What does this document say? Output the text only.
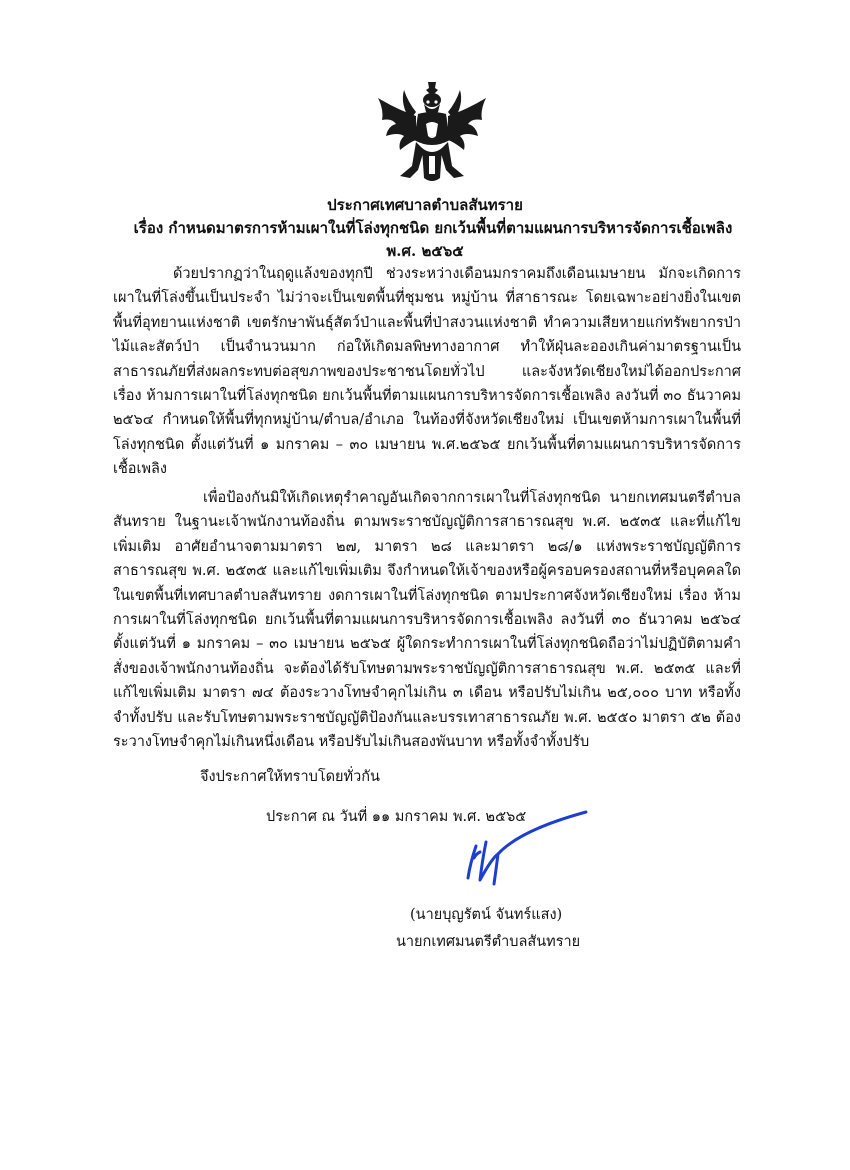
ประกาศเทศบาลตำบลสันทราย
เรื่อง กำหนดมาตรการห้ามเผาในที่โล่งทุกชนิด ยกเว้นพื้นที่ตามแผนการบริหารจัดการเชื้อเพลิง
พ.ศ. ๒๕๖๕

ด้วยปรากฏว่าในฤดูแล้งของทุกปี ช่วงระหว่างเดือนมกราคมถึงเดือนเมษายน มักจะเกิดการเผาในที่โล่งขึ้นเป็นประจำ ไม่ว่าจะเป็นเขตพื้นที่ชุมชน หมู่บ้าน ที่สาธารณะ โดยเฉพาะอย่างยิ่งในเขตพื้นที่อุทยานแห่งชาติ เขตรักษาพันธุ์สัตว์ป่าและพื้นที่ป่าสงวนแห่งชาติ ทำความเสียหายแก่ทรัพยากรป่าไม้และสัตว์ป่า เป็นจำนวนมาก ก่อให้เกิดมลพิษทางอากาศ ทำให้ฝุ่นละอองเกินค่ามาตรฐานเป็นสาธารณภัยที่ส่งผลกระทบต่อสุขภาพของประชาชนโดยทั่วไป และจังหวัดเชียงใหม่ได้ออกประกาศ เรื่อง ห้ามการเผาในที่โล่งทุกชนิด ยกเว้นพื้นที่ตามแผนการบริหารจัดการเชื้อเพลิง ลงวันที่ ๓๐ ธันวาคม ๒๕๖๔ กำหนดให้พื้นที่ทุกหมู่บ้าน/ตำบล/อำเภอ ในท้องที่จังหวัดเชียงใหม่ เป็นเขตห้ามการเผาในพื้นที่โล่งทุกชนิด ตั้งแต่วันที่ ๑ มกราคม – ๓๐ เมษายน พ.ศ.๒๕๖๕ ยกเว้นพื้นที่ตามแผนการบริหารจัดการเชื้อเพลิง

เพื่อป้องกันมิให้เกิดเหตุรำคาญอันเกิดจากการเผาในที่โล่งทุกชนิด นายกเทศมนตรีตำบลสันทราย ในฐานะเจ้าพนักงานท้องถิ่น ตามพระราชบัญญัติการสาธารณสุข พ.ศ. ๒๕๓๕ และที่แก้ไขเพิ่มเติม อาศัยอำนาจตามมาตรา ๒๗, มาตรา ๒๘ และมาตรา ๒๘/๑ แห่งพระราชบัญญัติการสาธารณสุข พ.ศ. ๒๕๓๕ และแก้ไขเพิ่มเติม จึงกำหนดให้เจ้าของหรือผู้ครอบครองสถานที่หรือบุคคลใดในเขตพื้นที่เทศบาลตำบลสันทราย งดการเผาในที่โล่งทุกชนิด ตามประกาศจังหวัดเชียงใหม่ เรื่อง ห้ามการเผาในที่โล่งทุกชนิด ยกเว้นพื้นที่ตามแผนการบริหารจัดการเชื้อเพลิง ลงวันที่ ๓๐ ธันวาคม ๒๕๖๔ ตั้งแต่วันที่ ๑ มกราคม – ๓๐ เมษายน ๒๕๖๕ ผู้ใดกระทำการเผาในที่โล่งทุกชนิดถือว่าไม่ปฏิบัติตามคำสั่งของเจ้าพนักงานท้องถิ่น จะต้องได้รับโทษตามพระราชบัญญัติการสาธารณสุข พ.ศ. ๒๕๓๕ และที่แก้ไขเพิ่มเติม มาตรา ๗๔ ต้องระวางโทษจำคุกไม่เกิน ๓ เดือน หรือปรับไม่เกิน ๒๕,๐๐๐ บาท หรือทั้งจำทั้งปรับ และรับโทษตามพระราชบัญญัติป้องกันและบรรเทาสาธารณภัย พ.ศ. ๒๕๕๐ มาตรา ๕๒ ต้องระวางโทษจำคุกไม่เกินหนึ่งเดือน หรือปรับไม่เกินสองพันบาท หรือทั้งจำทั้งปรับ

จึงประกาศให้ทราบโดยทั่วกัน
ประกาศ ณ วันที่ ๑๑ มกราคม พ.ศ. ๒๕๖๕
(นายบุญรัตน์ จันทร์แสง)
นายกเทศมนตรีตำบลสันทราย
